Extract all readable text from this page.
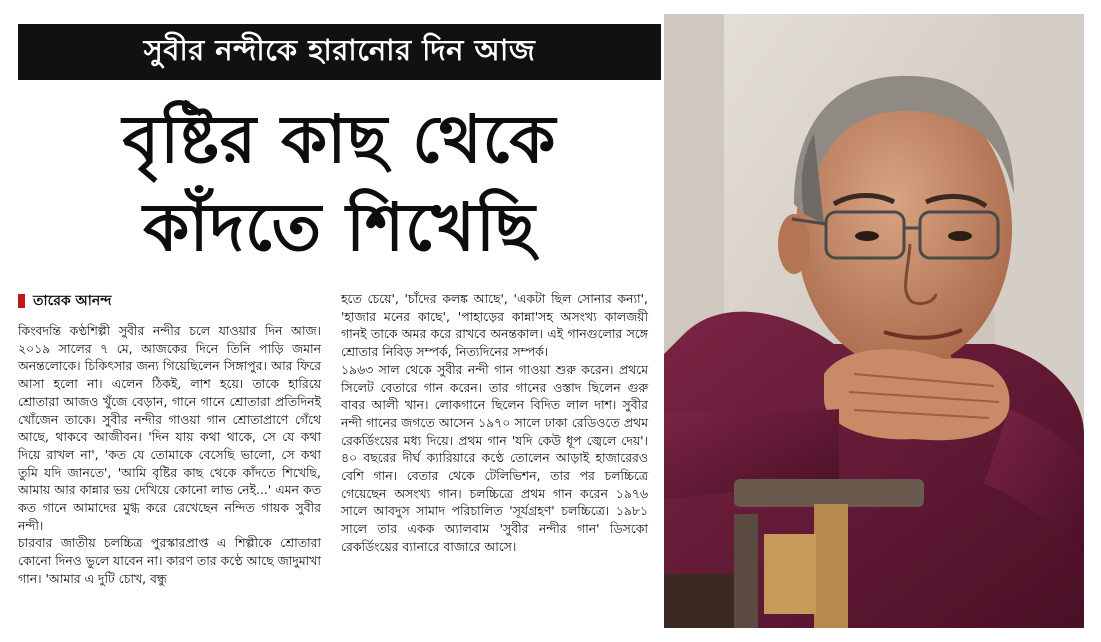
সুবীর নন্দীকে হারানোর দিন আজ
বৃষ্টির কাছ থেকে
কাঁদতে শিখেছি
তারেক আনন্দ

কিংবদন্তি কণ্ঠশিল্পী সুবীর নন্দীর চলে যাওয়ার দিন আজ। ২০১৯ সালের ৭ মে, আজকের দিনে তিনি পাড়ি জমান অনন্তলোকে। চিকিৎসার জন্য গিয়েছিলেন সিঙ্গাপুর। আর ফিরে আসা হলো না। এলেন ঠিকই, লাশ হয়ে। তাকে হারিয়ে শ্রোতারা আজও খুঁজে বেড়ান, গানে গানে শ্রোতারা প্রতিদিনই খোঁজেন তাকে। সুবীর নন্দীর গাওয়া গান শ্রোতাপ্রাণে গেঁথে আছে, থাকবে আজীবন। 'দিন যায় কথা থাকে, সে যে কথা দিয়ে রাখল না', 'কত যে তোমাকে বেসেছি ভালো, সে কথা তুমি যদি জানতে', 'আমি বৃষ্টির কাছ থেকে কাঁদতে শিখেছি, আমায় আর কান্নার ভয় দেখিয়ে কোনো লাভ নেই...' এমন কত কত গানে আমাদের মুগ্ধ করে রেখেছেন নন্দিত গায়ক সুবীর নন্দী।

চারবার জাতীয় চলচ্চিত্র পুরস্কারপ্রাপ্ত এ শিল্পীকে শ্রোতারা কোনো দিনও ভুলে যাবেন না। কারণ তার কণ্ঠে আছে জাদুমাখা গান। 'আমার এ দুটি চোখ, বন্ধু

হতে চেয়ে', 'চাঁদের কলঙ্ক আছে', 'একটা ছিল সোনার কন্যা', 'হাজার মনের কাছে', 'পাহাড়ের কান্না'সহ অসংখ্য কালজয়ী গানই তাকে অমর করে রাখবে অনন্তকাল। এই গানগুলোর সঙ্গে শ্রোতার নিবিড় সম্পর্ক, নিত্যদিনের সম্পর্ক।

১৯৬৩ সাল থেকে সুবীর নন্দী গান গাওয়া শুরু করেন। প্রথমে সিলেট বেতারে গান করেন। তার গানের ওস্তাদ ছিলেন গুরু বাবর আলী খান। লোকগানে ছিলেন বিদিত লাল দাশ। সুবীর নন্দী গানের জগতে আসেন ১৯৭০ সালে ঢাকা রেডিওতে প্রথম রেকর্ডিংয়ের মধ্য দিয়ে। প্রথম গান 'যদি কেউ ধূপ জ্বেলে দেয়'। ৪০ বছরের দীর্ঘ ক্যারিয়ারে কণ্ঠে তোলেন আড়াই হাজারেরও বেশি গান। বেতার থেকে টেলিভিশন, তার পর চলচ্চিত্রে গেয়েছেন অসংখ্য গান। চলচ্চিত্রে প্রথম গান করেন ১৯৭৬ সালে আবদুস সামাদ পরিচালিত 'সূর্যগ্রহণ' চলচ্চিত্রে। ১৯৮১ সালে তার একক অ্যালবাম 'সুবীর নন্দীর গান' ডিসকো রেকর্ডিংয়ের ব্যানারে বাজারে আসে।
